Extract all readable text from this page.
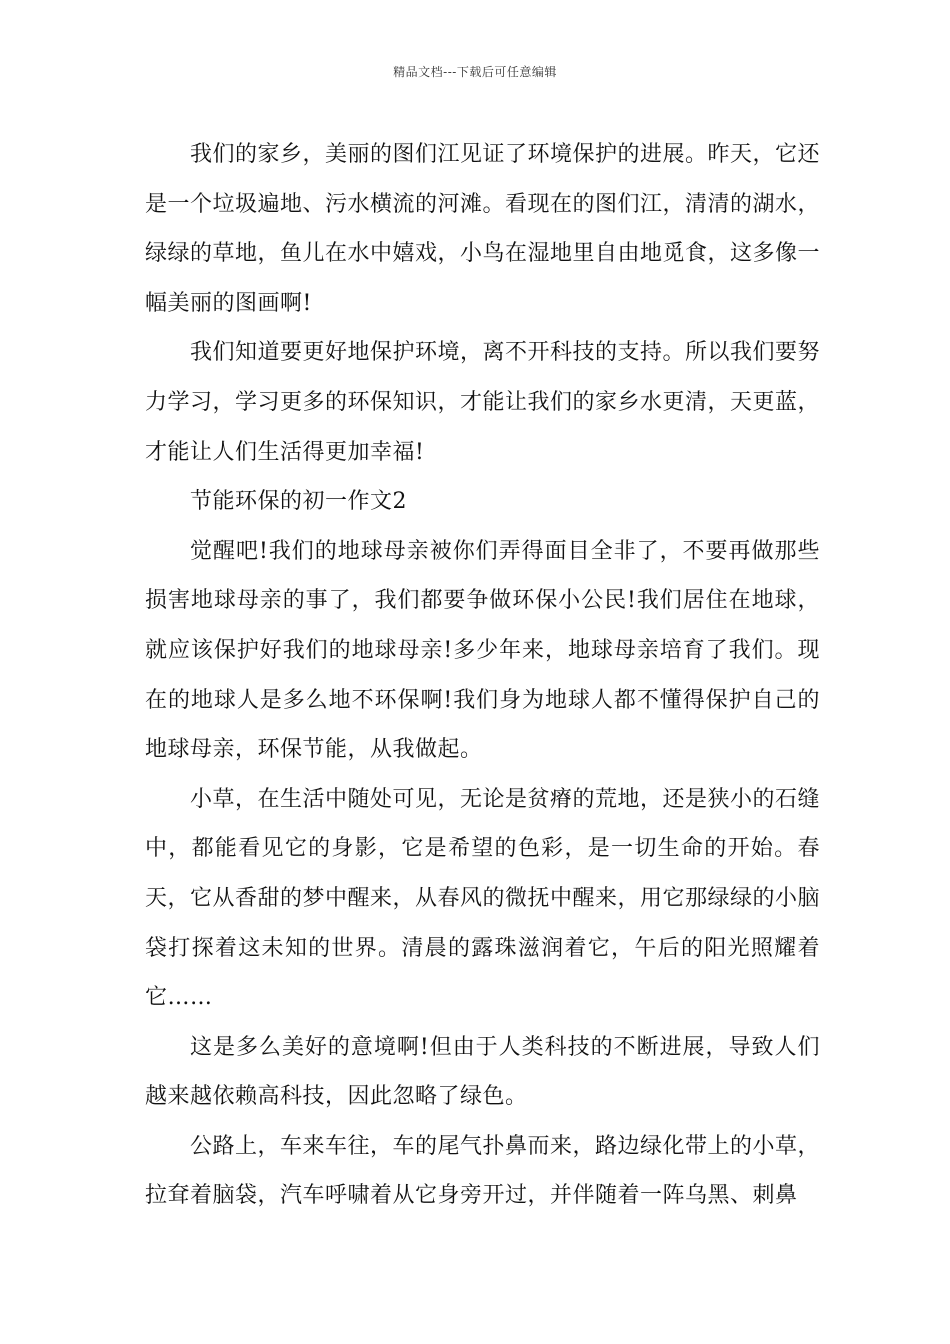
精品文档---下载后可任意编辑

我们的家乡，美丽的图们江见证了环境保护的进展。昨天，它还是一个垃圾遍地、污水横流的河滩。看现在的图们江，清清的湖水，绿绿的草地，鱼儿在水中嬉戏，小鸟在湿地里自由地觅食，这多像一幅美丽的图画啊!

我们知道要更好地保护环境，离不开科技的支持。所以我们要努力学习，学习更多的环保知识，才能让我们的家乡水更清，天更蓝，才能让人们生活得更加幸福!

节能环保的初一作文2

觉醒吧!我们的地球母亲被你们弄得面目全非了，不要再做那些损害地球母亲的事了，我们都要争做环保小公民!我们居住在地球，就应该保护好我们的地球母亲!多少年来，地球母亲培育了我们。现在的地球人是多么地不环保啊!我们身为地球人都不懂得保护自己的地球母亲，环保节能，从我做起。

小草，在生活中随处可见，无论是贫瘠的荒地，还是狭小的石缝中，都能看见它的身影，它是希望的色彩，是一切生命的开始。春天，它从香甜的梦中醒来，从春风的微抚中醒来，用它那绿绿的小脑袋打探着这未知的世界。清晨的露珠滋润着它，午后的阳光照耀着它……

这是多么美好的意境啊!但由于人类科技的不断进展，导致人们越来越依赖高科技，因此忽略了绿色。

公路上，车来车往，车的尾气扑鼻而来，路边绿化带上的小草，拉耷着脑袋，汽车呼啸着从它身旁开过，并伴随着一阵乌黑、刺鼻
